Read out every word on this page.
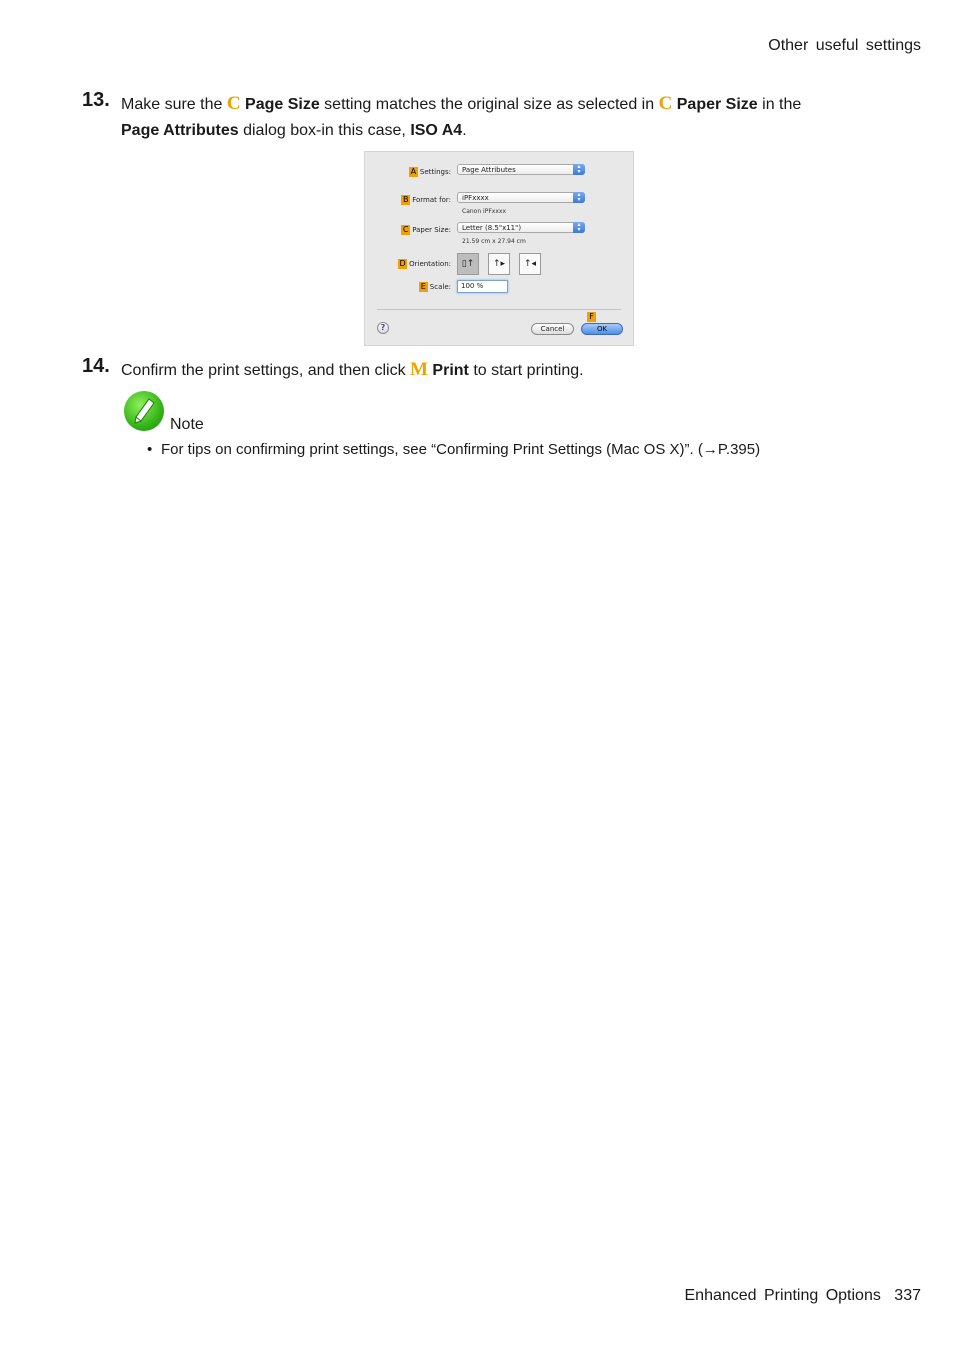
Other useful settings
13. Make sure the C Page Size setting matches the original size as selected in C Paper Size in the
Page Attributes dialog box-in this case, ISO A4.
A Settings:	Page Attributes	▴
▾
B Format for:	iPFxxxx	▴
▾
Canon iPFxxxx
C Paper Size:	Letter (8.5"x11")	▴
▾
21.59 cm x 27.94 cm
D Orientation: ▯↑ ↑▸ ↑◂
E Scale:	100 %
?	Cancel
F
OK
14. Confirm the print settings, and then click M Print to start printing.
Note
• For tips on confirming print settings, see “Confirming Print Settings (Mac OS X)”. (→P.395)
Enhanced Printing Options 337
